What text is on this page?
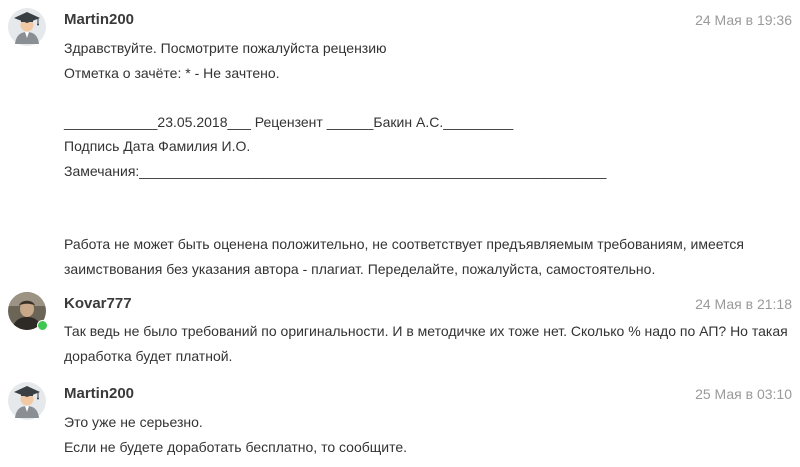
Martin200	24 Мая в 19:36
Здравствуйте. Посмотрите пожалуйста рецензию
Отметка о зачёте: * - Не зачтено.
____________23.05.2018___ Рецензент ______Бакин А.С._________
Подпись Дата Фамилия И.О.
Замечания:____________________________________________________________
Работа не может быть оценена положительно, не соответствует предъявляемым требованиям, имеется
заимствования без указания автора - плагиат. Переделайте, пожалуйста, самостоятельно.
Kovar777	24 Мая в 21:18
Так ведь не было требований по оригинальности. И в методичке их тоже нет. Сколько % надо по АП? Но такая
доработка будет платной.
Martin200	25 Мая в 03:10
Это уже не серьезно.
Если не будете доработать бесплатно, то сообщите.
